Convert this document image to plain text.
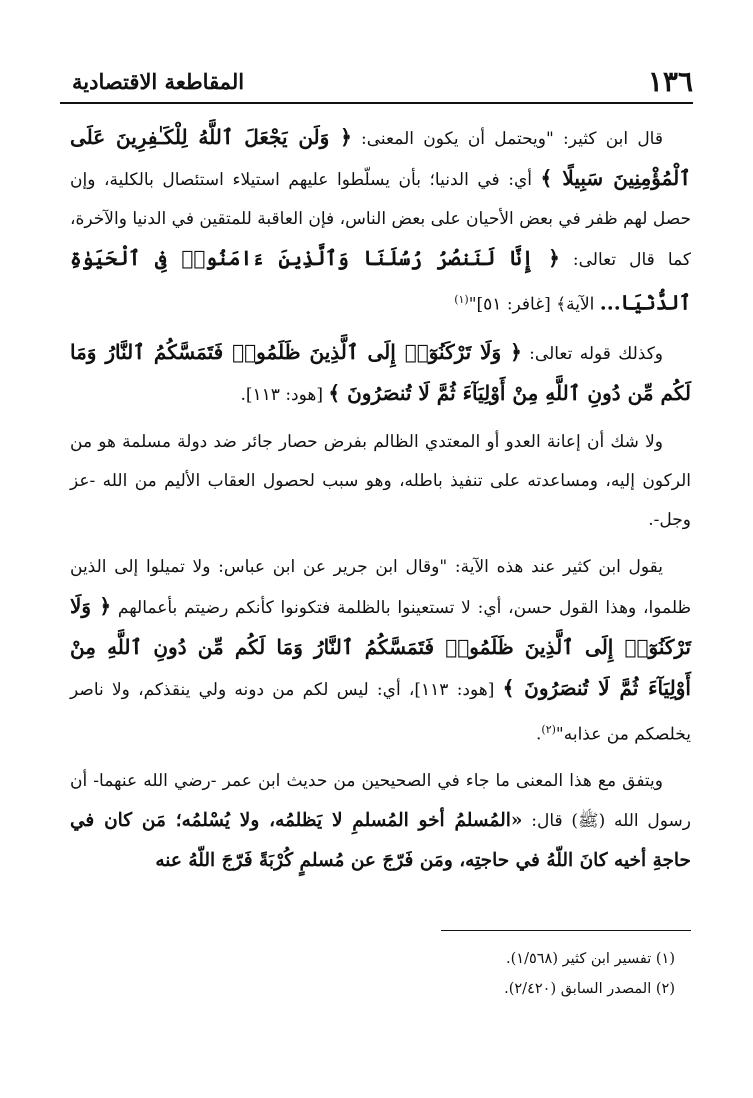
١٣٦
المقاطعة الاقتصادية

قال ابن كثير: "ويحتمل أن يكون المعنى: ﴿ وَلَن يَجْعَلَ ٱللَّهُ لِلْكَـٰفِرِينَ عَلَى ٱلْمُؤْمِنِينَ سَبِيلًا ﴾ أي: في الدنيا؛ بأن يسلّطوا عليهم استيلاء استئصال بالكلية، وإن حصل لهم ظفر في بعض الأحيان على بعض الناس، فإن العاقبة للمتقين في الدنيا والآخرة، كما قال تعالى: ﴿ إِنَّا لَنَنصُرُ رُسُلَنَا وَٱلَّذِينَ ءَامَنُوا۟ فِى ٱلْحَيَوٰةِ ٱلدُّنْيَا... الآية﴾ [غافر: ٥١]"$^{(١)}$

وكذلك قوله تعالى: ﴿ وَلَا تَرْكَنُوٓا۟ إِلَى ٱلَّذِينَ ظَلَمُوا۟ فَتَمَسَّكُمُ ٱلنَّارُ وَمَا لَكُم مِّن دُونِ ٱللَّهِ مِنْ أَوْلِيَآءَ ثُمَّ لَا تُنصَرُونَ ﴾ [هود: ١١٣].

ولا شك أن إعانة العدو أو المعتدي الظالم بفرض حصار جائر ضد دولة مسلمة هو من الركون إليه، ومساعدته على تنفيذ باطله، وهو سبب لحصول العقاب الأليم من الله -عز وجل-.

يقول ابن كثير عند هذه الآية: "وقال ابن جرير عن ابن عباس: ولا تميلوا إلى الذين ظلموا، وهذا القول حسن، أي: لا تستعينوا بالظلمة فتكونوا كأنكم رضيتم بأعمالهم ﴿ وَلَا تَرْكَنُوٓا۟ إِلَى ٱلَّذِينَ ظَلَمُوا۟ فَتَمَسَّكُمُ ٱلنَّارُ وَمَا لَكُم مِّن دُونِ ٱللَّهِ مِنْ أَوْلِيَآءَ ثُمَّ لَا تُنصَرُونَ ﴾ [هود: ١١٣]، أي: ليس لكم من دونه ولي ينقذكم، ولا ناصر يخلصكم من عذابه"$^{(٢)}$.

ويتفق مع هذا المعنى ما جاء في الصحيحين من حديث ابن عمر -رضي الله عنهما- أن رسول الله (ﷺ) قال: «المُسلمُ أخو المُسلمِ لا يَظلمُه، ولا يُسْلمُه؛ مَن كان في حاجةِ أخيه كانَ اللّهُ في حاجتِه، ومَن فَرّجَ عن مُسلمٍ كُرْبَةً فَرّجَ اللّهُ عنه

(١) تفسير ابن كثير (١/٥٦٨).
(٢) المصدر السابق (٢/٤٢٠).
